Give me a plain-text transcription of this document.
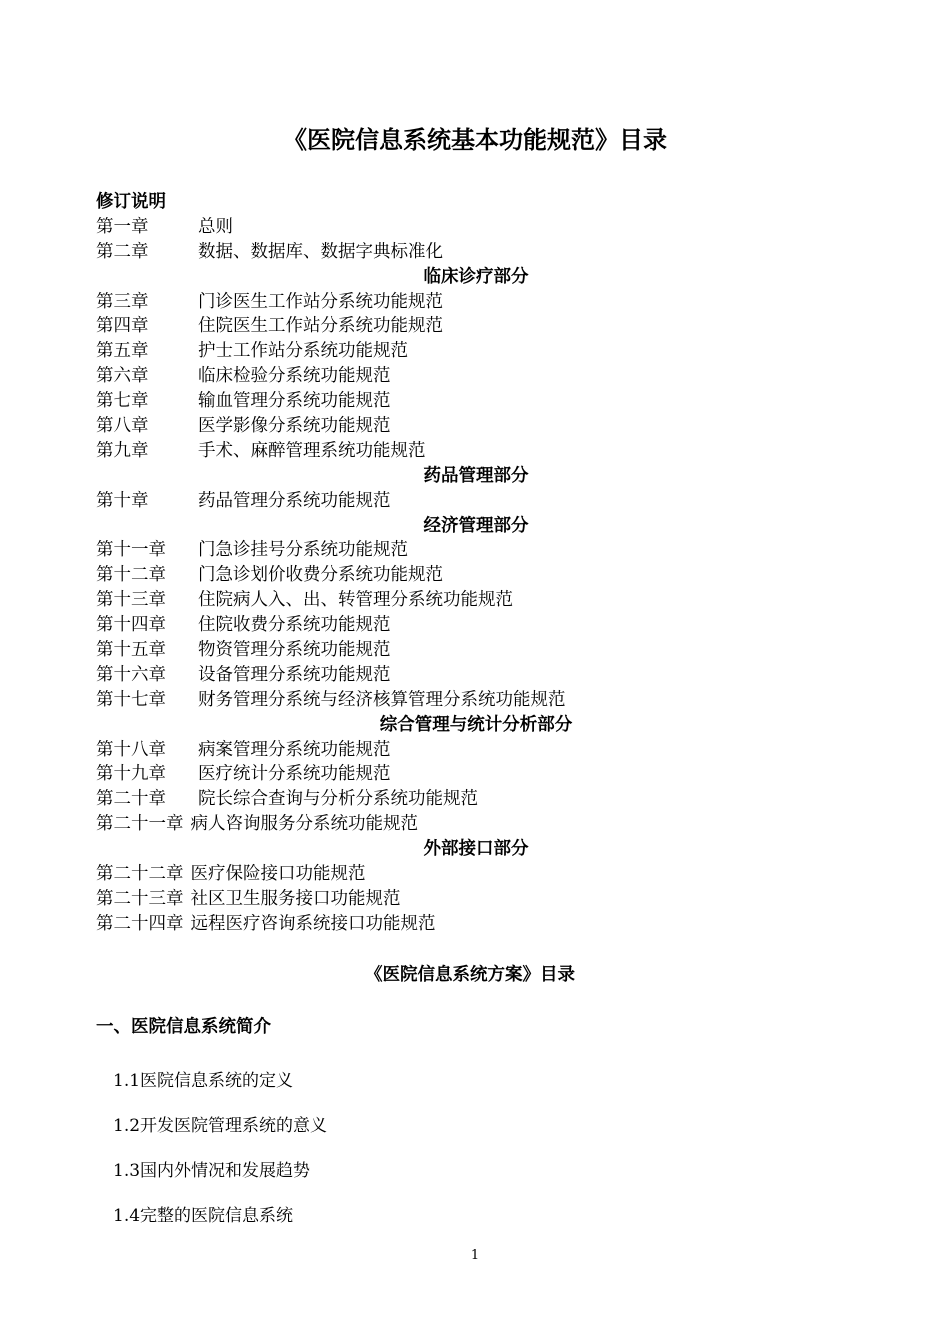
《医院信息系统基本功能规范》目录
修订说明
第一章	总则
第二章	数据、数据库、数据字典标准化
临床诊疗部分
第三章	门诊医生工作站分系统功能规范
第四章	住院医生工作站分系统功能规范
第五章	护士工作站分系统功能规范
第六章	临床检验分系统功能规范
第七章	输血管理分系统功能规范
第八章	医学影像分系统功能规范
第九章	手术、麻醉管理系统功能规范
药品管理部分
第十章	药品管理分系统功能规范
经济管理部分
第十一章 门急诊挂号分系统功能规范
第十二章 门急诊划价收费分系统功能规范
第十三章 住院病人入、出、转管理分系统功能规范
第十四章 住院收费分系统功能规范
第十五章 物资管理分系统功能规范
第十六章 设备管理分系统功能规范
第十七章 财务管理分系统与经济核算管理分系统功能规范
综合管理与统计分析部分
第十八章 病案管理分系统功能规范
第十九章 医疗统计分系统功能规范
第二十章 院长综合查询与分析分系统功能规范
第二十一章 病人咨询服务分系统功能规范
外部接口部分
第二十二章 医疗保险接口功能规范
第二十三章 社区卫生服务接口功能规范
第二十四章 远程医疗咨询系统接口功能规范
《医院信息系统方案》目录
一、医院信息系统简介
1.1医院信息系统的定义
1.2开发医院管理系统的意义
1.3国内外情况和发展趋势
1.4完整的医院信息系统
1
